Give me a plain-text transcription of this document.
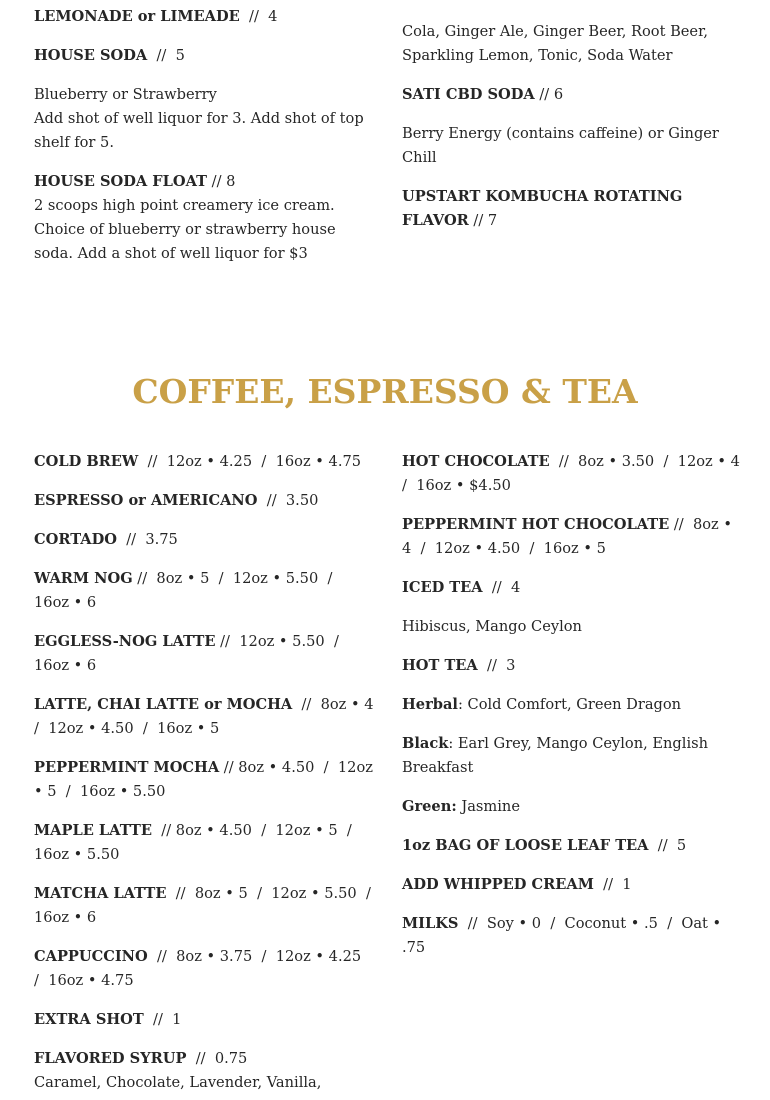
LEMONADE or LIMEADE  //  4
HOUSE SODA  //  5
Blueberry or Strawberry
Add shot of well liquor for 3. Add shot of top shelf for 5.
HOUSE SODA FLOAT // 8
2 scoops high point creamery ice cream. Choice of blueberry or strawberry house soda. Add a shot of well liquor for $3
Cola, Ginger Ale, Ginger Beer, Root Beer, Sparkling Lemon, Tonic, Soda Water
SATI CBD SODA // 6
Berry Energy (contains caffeine) or Ginger Chill
UPSTART KOMBUCHA ROTATING FLAVOR // 7
COFFEE, ESPRESSO & TEA
COLD BREW  //  12oz • 4.25  /  16oz • 4.75
ESPRESSO or AMERICANO  //  3.50
CORTADO  //  3.75
WARM NOG //  8oz • 5  /  12oz • 5.50  /  16oz • 6
EGGLESS-NOG LATTE //  12oz • 5.50  /  16oz • 6
LATTE, CHAI LATTE or MOCHA  //  8oz • 4  /  12oz • 4.50  /  16oz • 5
PEPPERMINT MOCHA // 8oz • 4.50  /  12oz • 5  /  16oz • 5.50
MAPLE LATTE  // 8oz • 4.50  /  12oz • 5  /  16oz • 5.50
MATCHA LATTE  //  8oz • 5  /  12oz • 5.50  /  16oz • 6
CAPPUCCINO  //  8oz • 3.75  /  12oz • 4.25  /  16oz • 4.75
EXTRA SHOT  //  1
FLAVORED SYRUP  //  0.75
Caramel, Chocolate, Lavender, Vanilla,
HOT CHOCOLATE  //  8oz • 3.50  /  12oz • 4  /  16oz • $4.50
PEPPERMINT HOT CHOCOLATE //  8oz • 4  /  12oz • 4.50  /  16oz • 5
ICED TEA  //  4
Hibiscus, Mango Ceylon
HOT TEA  //  3
Herbal: Cold Comfort, Green Dragon
Black: Earl Grey, Mango Ceylon, English Breakfast
Green: Jasmine
1oz BAG OF LOOSE LEAF TEA  //  5
ADD WHIPPED CREAM  //  1
MILKS  //  Soy • 0  /  Coconut • .5  /  Oat • .75
